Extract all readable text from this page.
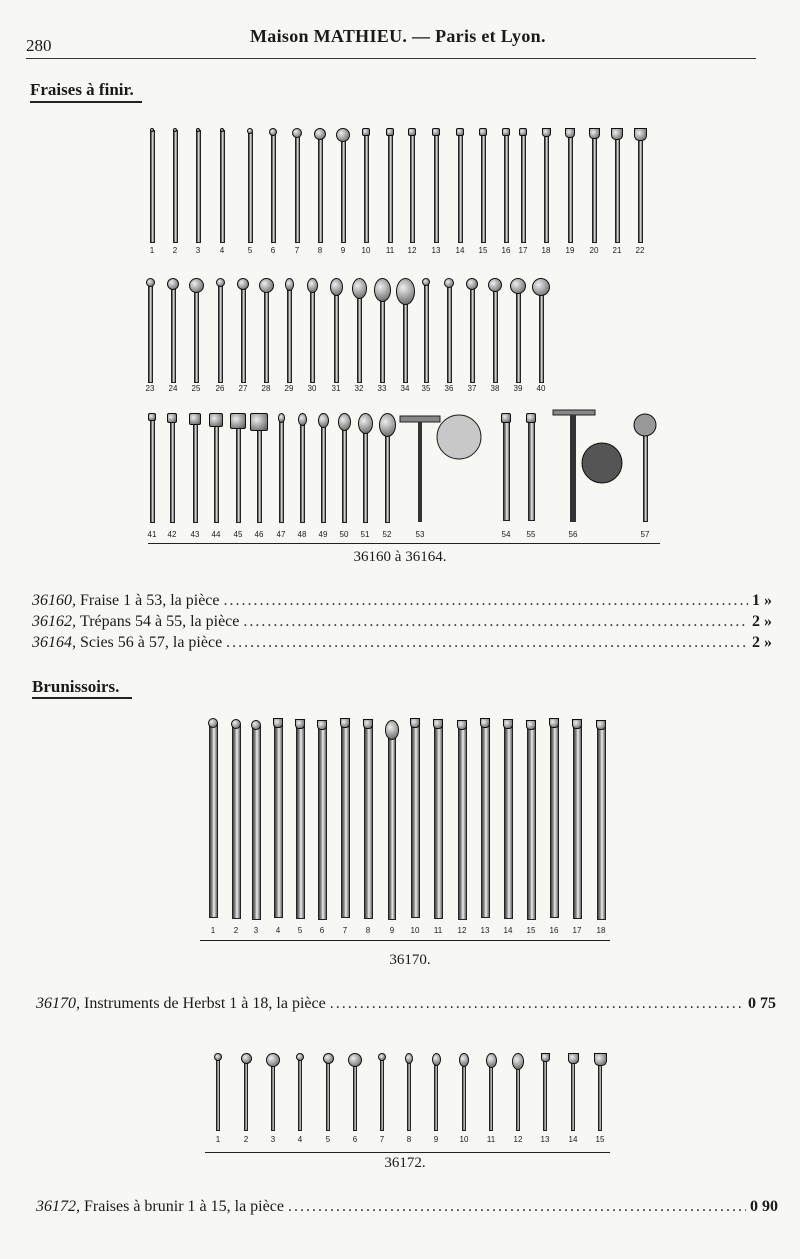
280	Maison MATHIEU. — Paris et Lyon.
Fraises à finir.
1	2	3	4	5	6	7	8	9	10	11	12	13	14	15	16	17	18	19	20	21	22
23	24	25	26	27	28	29	30	31	32	33	34	35	36	37	38	39	40
41	42	43	44	45	46	47	48	49	50	51	52	53	54	55	56	57
36160 à 36164.
36160,
Fraise 1 à 53, la pièce .....	1 »
36162,
Trépans 54 à 55, la pièce .....	2 »
36164,
Scies 56 à 57, la pièce .....	2 »
Brunissoirs.
1	2	3	4	5	6	7	8	9	10	11	12	13	14	15	16	17	18
36170.
36170,
Instruments de Herbst 1 à 18, la pièce .....	0 75
1	2	3	4	5	6	7	8	9	10	11	12	13	14	15
36172.
36172,
Fraises à brunir 1 à 15, la pièce .....	0 90
